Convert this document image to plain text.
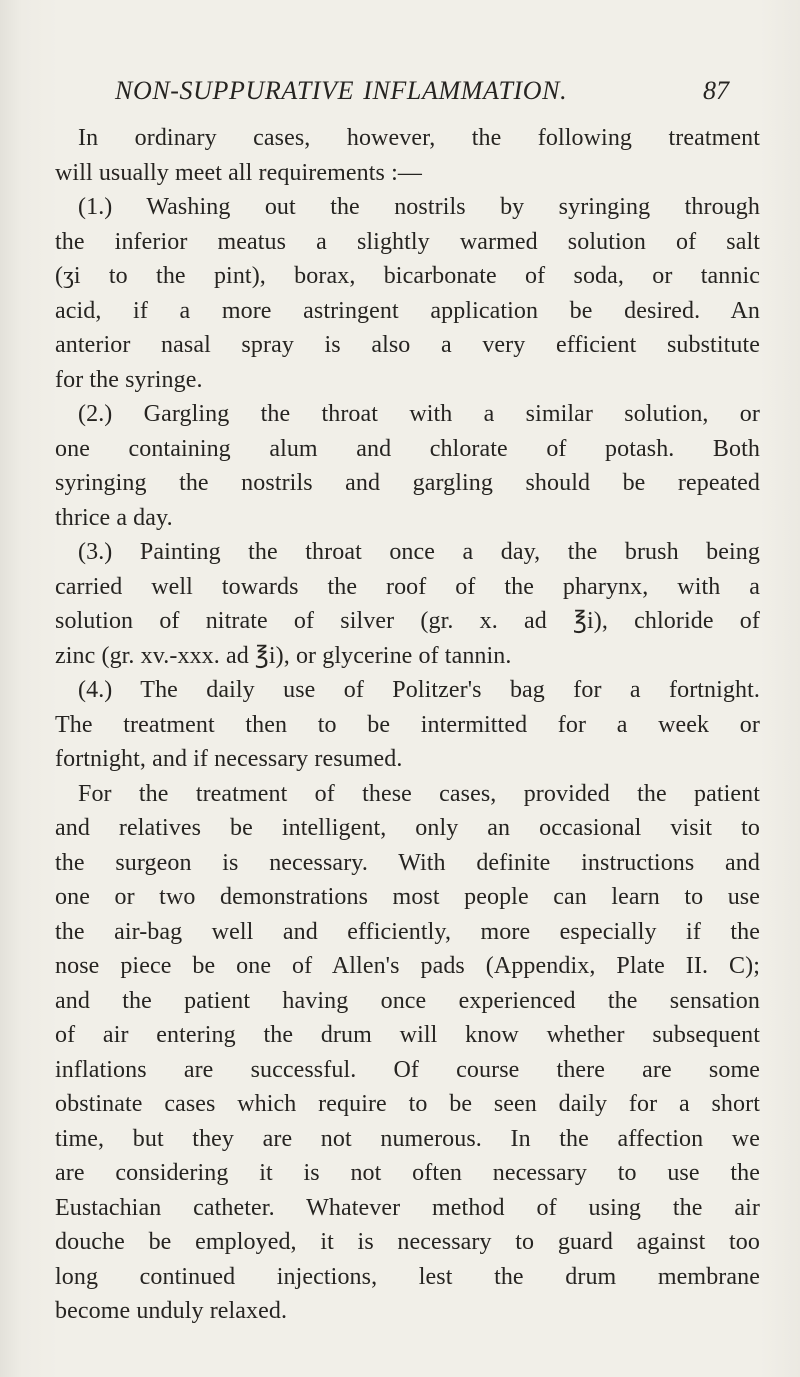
NON-SUPPURATIVE INFLAMMATION.	87
In ordinary cases, however, the following treatment
will usually meet all requirements :—
(1.) Washing out the nostrils by syringing through
the inferior meatus a slightly warmed solution of salt
(ʒi to the pint), borax, bicarbonate of soda, or tannic
acid, if a more astringent application be desired. An
anterior nasal spray is also a very efficient substitute
for the syringe.
(2.) Gargling the throat with a similar solution, or
one containing alum and chlorate of potash. Both
syringing the nostrils and gargling should be repeated
thrice a day.
(3.) Painting the throat once a day, the brush being
carried well towards the roof of the pharynx, with a
solution of nitrate of silver (gr. x. ad ℥i), chloride of
zinc (gr. xv.-xxx. ad ℥i), or glycerine of tannin.
(4.) The daily use of Politzer's bag for a fortnight.
The treatment then to be intermitted for a week or
fortnight, and if necessary resumed.
For the treatment of these cases, provided the patient
and relatives be intelligent, only an occasional visit to
the surgeon is necessary. With definite instructions and
one or two demonstrations most people can learn to use
the air-bag well and efficiently, more especially if the
nose piece be one of Allen's pads (Appendix, Plate II. C);
and the patient having once experienced the sensation
of air entering the drum will know whether subsequent
inflations are successful. Of course there are some
obstinate cases which require to be seen daily for a short
time, but they are not numerous. In the affection we
are considering it is not often necessary to use the
Eustachian catheter. Whatever method of using the air
douche be employed, it is necessary to guard against too
long continued injections, lest the drum membrane
become unduly relaxed.
